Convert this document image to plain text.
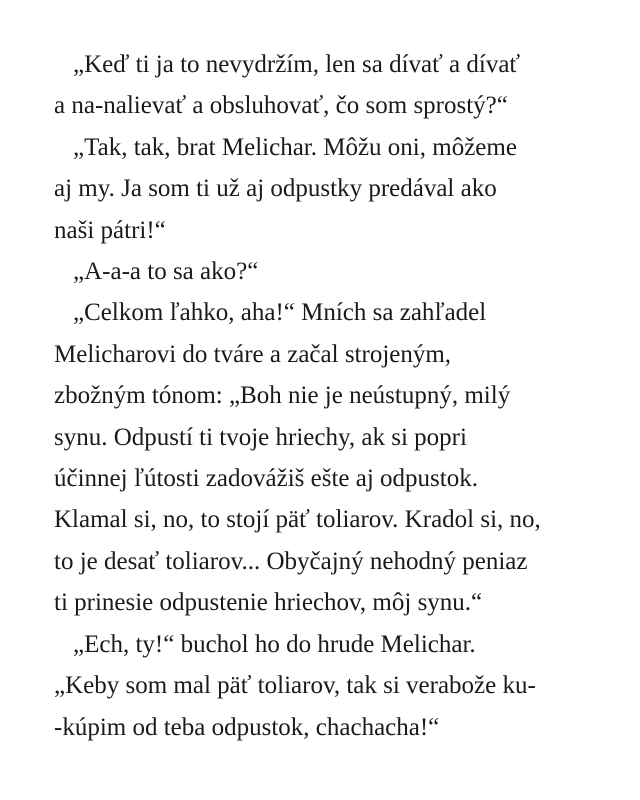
„Keď ti ja to nevydržím, len sa dívať a dívať
a na-nalievať a obsluhovať, čo som sprostý?“
„Tak, tak, brat Melichar. Môžu oni, môžeme
aj my. Ja som ti už aj odpustky predával ako
naši pátri!“
„A-a-a to sa ako?“
„Celkom ľahko, aha!“ Mních sa zahľadel
Melicharovi do tváre a začal strojeným,
zbožným tónom: „Boh nie je neústupný, milý
synu. Odpustí ti tvoje hriechy, ak si popri
účinnej ľútosti zadovážiš ešte aj odpustok.
Klamal si, no, to stojí päť toliarov. Kradol si, no,
to je desať toliarov... Obyčajný nehodný peniaz
ti prinesie odpustenie hriechov, môj synu.“
„Ech, ty!“ buchol ho do hrude Melichar.
„Keby som mal päť toliarov, tak si verabože ku-
-kúpim od teba odpustok, chachacha!“
